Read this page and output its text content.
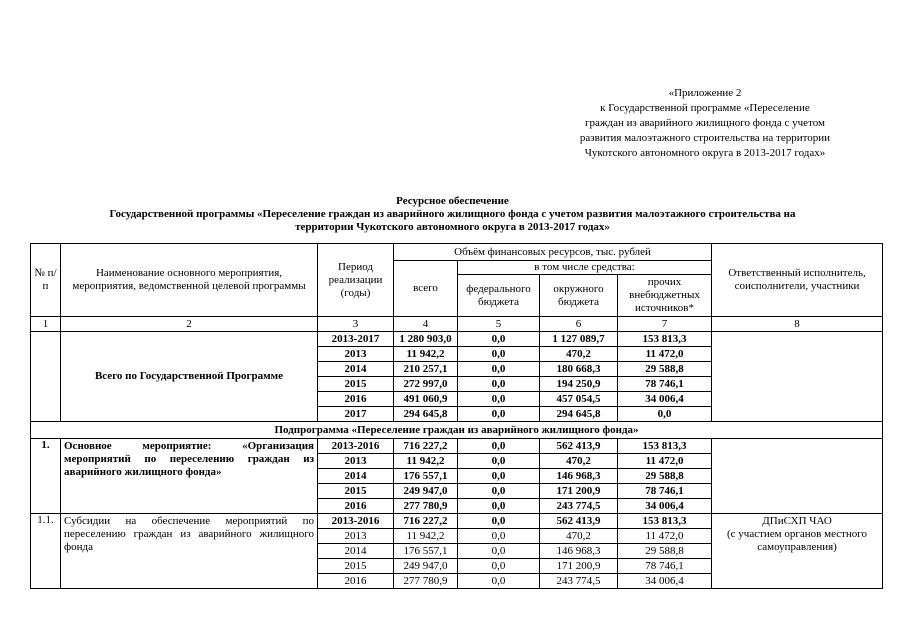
«Приложение 2
к Государственной программе «Переселение
граждан из аварийного жилищного фонда с учетом
развития малоэтажного строительства на территории
Чукотского автономного округа в 2013-2017 годах»
Ресурсное обеспечение
Государственной программы «Переселение граждан из аварийного жилищного фонда с учетом развития малоэтажного строительства на
территории Чукотского автономного округа в 2013-2017 годах»
№ п/п	Наименование основного мероприятия, мероприятия, ведомственной целевой программы	Период реализации (годы)	Объём финансовых ресурсов, тыс. рублей				Ответственный исполнитель, соисполнители, участники
			всего	в том числе средства:			
				федерального бюджета	окружного бюджета	прочих внебюджетных источников*	
1	2	3	4	5	6	7	8
	Всего по Государственной Программе	2013-2017	1 280 903,0	0,0	1 127 089,7	153 813,3	
		2013	11 942,2	0,0	470,2	11 472,0	
		2014	210 257,1	0,0	180 668,3	29 588,8	
		2015	272 997,0	0,0	194 250,9	78 746,1	
		2016	491 060,9	0,0	457 054,5	34 006,4	
		2017	294 645,8	0,0	294 645,8	0,0	
Подпрограмма «Переселение граждан из аварийного жилищного фонда»							
1.	Основное мероприятие: «Организация мероприятий по переселению граждан из аварийного жилищного фонда»	2013-2016	716 227,2	0,0	562 413,9	153 813,3	
		2013	11 942,2	0,0	470,2	11 472,0	
		2014	176 557,1	0,0	146 968,3	29 588,8	
		2015	249 947,0	0,0	171 200,9	78 746,1	
		2016	277 780,9	0,0	243 774,5	34 006,4	
1.1.	Субсидии на обеспечение мероприятий по переселению граждан из аварийного жилищного фонда	2013-2016	716 227,2	0,0	562 413,9	153 813,3	ДПиСХП ЧАО
(с участием органов местного самоуправления)

		2013	11 942,2	0,0	470,2	11 472,0	
		2014	176 557,1	0,0	146 968,3	29 588,8	
		2015	249 947,0	0,0	171 200,9	78 746,1	
		2016	277 780,9	0,0	243 774,5	34 006,4	
